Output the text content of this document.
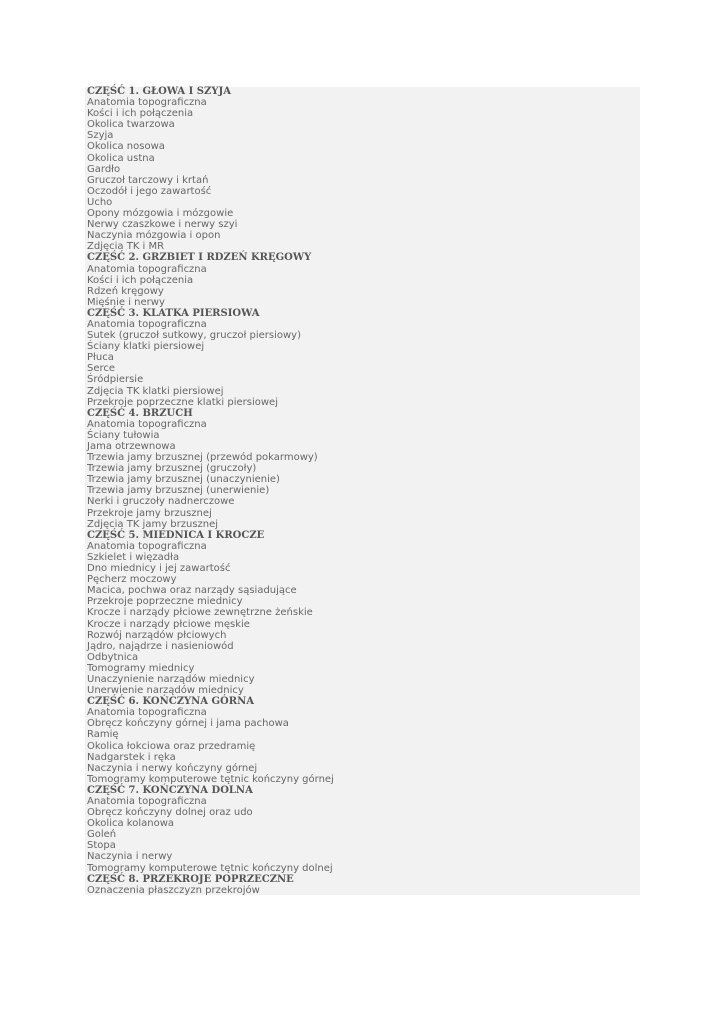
CZĘŚĆ 1. GŁOWA I SZYJA
Anatomia topograficzna
Kości i ich połączenia
Okolica twarzowa
Szyja
Okolica nosowa
Okolica ustna
Gardło
Gruczoł tarczowy i krtań
Oczodół i jego zawartość
Ucho
Opony mózgowia i mózgowie
Nerwy czaszkowe i nerwy szyi
Naczynia mózgowia i opon
Zdjęcia TK i MR
CZĘŚĆ 2. GRZBIET I RDZEŃ KRĘGOWY
Anatomia topograficzna
Kości i ich połączenia
Rdzeń kręgowy
Mięśnie i nerwy
CZĘŚĆ 3. KLATKA PIERSIOWA
Anatomia topograficzna
Sutek (gruczoł sutkowy, gruczoł piersiowy)
Ściany klatki piersiowej
Płuca
Serce
Śródpiersie
Zdjęcia TK klatki piersiowej
Przekroje poprzeczne klatki piersiowej
CZĘŚĆ 4. BRZUCH
Anatomia topograficzna
Ściany tułowia
Jama otrzewnowa
Trzewia jamy brzusznej (przewód pokarmowy)
Trzewia jamy brzusznej (gruczoły)
Trzewia jamy brzusznej (unaczynienie)
Trzewia jamy brzusznej (unerwienie)
Nerki i gruczoły nadnerczowe
Przekroje jamy brzusznej
Zdjęcia TK jamy brzusznej
CZĘŚĆ 5. MIEDNICA I KROCZE
Anatomia topograficzna
Szkielet i więzadła
Dno miednicy i jej zawartość
Pęcherz moczowy
Macica, pochwa oraz narządy sąsiadujące
Przekroje poprzeczne miednicy
Krocze i narządy płciowe zewnętrzne żeńskie
Krocze i narządy płciowe męskie
Rozwój narządów płciowych
Jądro, najądrze i nasieniowód
Odbytnica
Tomogramy miednicy
Unaczynienie narządów miednicy
Unerwienie narządów miednicy
CZĘŚĆ 6. KOŃCZYNA GÓRNA
Anatomia topograficzna
Obręcz kończyny górnej i jama pachowa
Ramię
Okolica łokciowa oraz przedramię
Nadgarstek i ręka
Naczynia i nerwy kończyny górnej
Tomogramy komputerowe tętnic kończyny górnej
CZĘŚĆ 7. KOŃCZYNA DOLNA
Anatomia topograficzna
Obręcz kończyny dolnej oraz udo
Okolica kolanowa
Goleń
Stopa
Naczynia i nerwy
Tomogramy komputerowe tętnic kończyny dolnej
CZĘŚĆ 8. PRZEKROJE POPRZECZNE
Oznaczenia płaszczyzn przekrojów
